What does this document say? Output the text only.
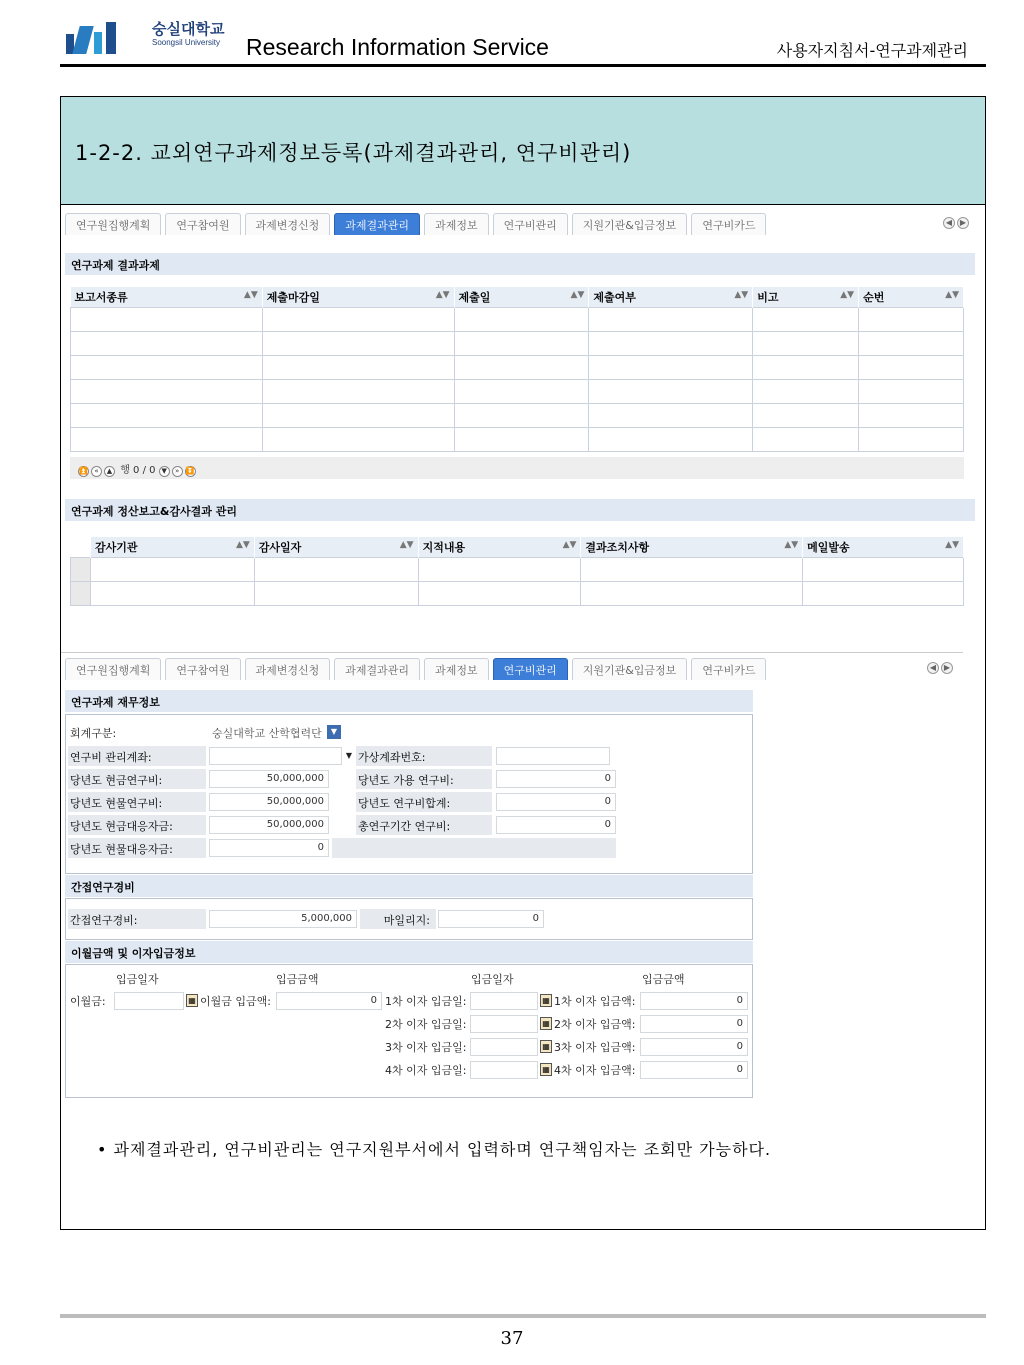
숭실대학교
Soongsil University Research Information Service	사용자지침서-연구과제관리
1-2-2. 교외연구과제정보등록(과제결과관리, 연구비관리)
연구원집행계획	연구참여원	과제변경신청	과제결과관리	과제정보	연구비관리	지원기관&입금정보	연구비카드	◀ ▶
연구과제 결과과제
보고서종류 ▲▼	제출마감일 ▲▼	제출일 ▲▼	제출여부 ▲▼	비고 ▲▼	순번 ▲▼

⏫ « ▲ 행 0 / 0 ▼ » ⏬
연구과제 정산보고&감사결과 관리
	감사기관 ▲▼	감사일자 ▲▼	지적내용 ▲▼	결과조치사항 ▲▼	메일발송 ▲▼

연구원집행계획	연구참여원	과제변경신청	과제결과관리	과제정보	연구비관리	지원기관&입금정보	연구비카드	◀ ▶
연구과제 재무정보
회계구분:	숭실대학교 산학협력단	▼
연구비 관리계좌:	▼ 가상계좌번호:
당년도 현금연구비:	50,000,000	당년도 가용 연구비:	0
당년도 현물연구비:	50,000,000	당년도 연구비합계:	0
당년도 현금대응자금:	50,000,000	총연구기간 연구비:	0
당년도 현물대응자금:	0
간접연구경비
간접연구경비:	5,000,000	마일리지:	0
이월금액 및 이자입금정보
입금일자	입금금액	입금일자	입금금액
이월금:	▦ 이월금 입금액:	0 1차 이자 입금일:	▦ 1차 이자 입금액:	0
2차 이자 입금일:	▦ 2차 이자 입금액:	0
3차 이자 입금일:	▦ 3차 이자 입금액:	0
4차 이자 입금일:	▦ 4차 이자 입금액:	0
• 과제결과관리, 연구비관리는 연구지원부서에서 입력하며 연구책임자는 조회만 가능하다.
37
